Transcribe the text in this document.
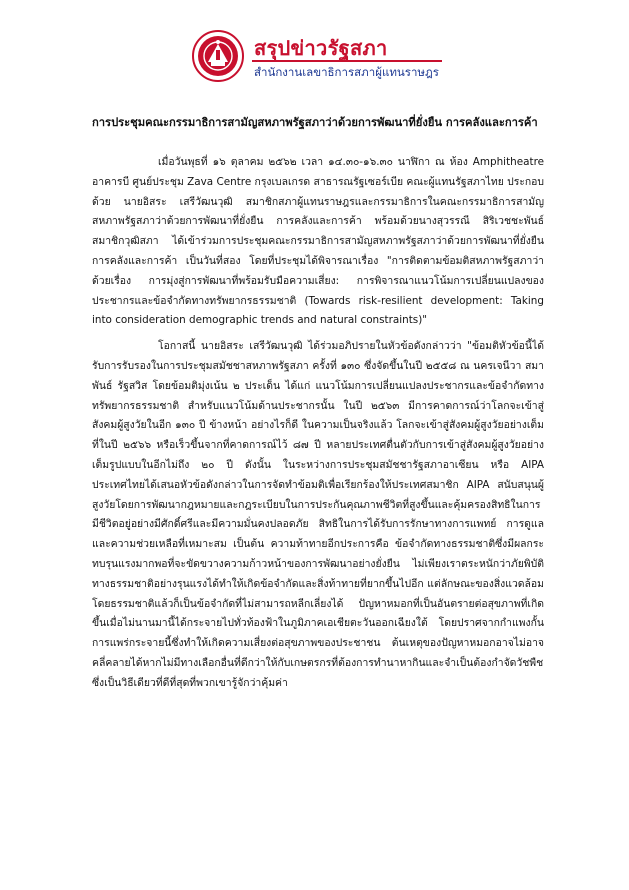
สรุปข่าวรัฐสภา
สำนักงานเลขาธิการสภาผู้แทนราษฎร
การประชุมคณะกรรมาธิการสามัญสหภาพรัฐสภาว่าด้วยการพัฒนาที่ยั่งยืน การคลังและการค้า

เมื่อวันพุธที่ ๑๖ ตุลาคม ๒๕๖๒ เวลา ๑๔.๓๐-๑๖.๓๐ นาฬิกา ณ ห้อง Amphitheatre อาคารบี ศูนย์ประชุม Zava Centre กรุงเบลเกรด สาธารณรัฐเซอร์เบีย คณะผู้แทนรัฐสภาไทย ประกอบด้วย นายอิสระ เสรีวัฒนวุฒิ สมาชิกสภาผู้แทนราษฎรและกรรมาธิการในคณะกรรมาธิการสามัญสหภาพรัฐสภาว่าด้วยการพัฒนาที่ยั่งยืน การคลังและการค้า พร้อมด้วยนางสุวรรณี สิริเวชชะพันธ์ สมาชิกวุฒิสภา ได้เข้าร่วมการประชุมคณะกรรมาธิการสามัญสหภาพรัฐสภาว่าด้วยการพัฒนาที่ยั่งยืน การคลังและการค้า เป็นวันที่สอง โดยที่ประชุมได้พิจารณาเรื่อง "การติดตามข้อมติสหภาพรัฐสภาว่าด้วยเรื่อง การมุ่งสู่การพัฒนาที่พร้อมรับมือความเสี่ยง: การพิจารณาแนวโน้มการเปลี่ยนแปลงของประชากรและข้อจำกัดทางทรัพยากรธรรมชาติ (Towards risk-resilient development: Taking into consideration demographic trends and natural constraints)"

โอกาสนี้ นายอิสระ เสรีวัฒนวุฒิ ได้ร่วมอภิปรายในหัวข้อดังกล่าวว่า "ข้อมติหัวข้อนี้ได้รับการรับรองในการประชุมสมัชชาสหภาพรัฐสภา ครั้งที่ ๑๓๐ ซึ่งจัดขึ้นในปี ๒๕๕๘ ณ นครเจนีวา สมาพันธ์ รัฐสวิส โดยข้อมติมุ่งเน้น ๒ ประเด็น ได้แก่ แนวโน้มการเปลี่ยนแปลงประชากรและข้อจำกัดทางทรัพยากรธรรมชาติ สำหรับแนวโน้มด้านประชากรนั้น ในปี ๒๕๖๓ มีการคาดการณ์ว่าโลกจะเข้าสู่สังคมผู้สูงวัยในอีก ๑๓๐ ปี ข้างหน้า อย่างไรก็ดี ในความเป็นจริงแล้ว โลกจะเข้าสู่สังคมผู้สูงวัยอย่างเต็มที่ในปี ๒๕๖๖ หรือเร็วขึ้นจากที่คาดการณ์ไว้ ๘๗ ปี หลายประเทศตื่นตัวกับการเข้าสู่สังคมผู้สูงวัยอย่างเต็มรูปแบบในอีกไม่ถึง ๒๐ ปี ดังนั้น ในระหว่างการประชุมสมัชชารัฐสภาอาเซียน หรือ AIPA ประเทศไทยได้เสนอหัวข้อดังกล่าวในการจัดทำข้อมติเพื่อเรียกร้องให้ประเทศสมาชิก AIPA สนับสนุนผู้สูงวัยโดยการพัฒนากฎหมายและกฎระเบียบในการประกันคุณภาพชีวิตที่สูงขึ้นและคุ้มครองสิทธิในการมีชีวิตอยู่อย่างมีศักดิ์ศรีและมีความมั่นคงปลอดภัย สิทธิในการได้รับการรักษาทางการแพทย์ การดูแลและความช่วยเหลือที่เหมาะสม เป็นต้น ความท้าทายอีกประการคือ ข้อจำกัดทางธรรมชาติซึ่งมีผลกระทบรุนแรงมากพอที่จะขัดขวางความก้าวหน้าของการพัฒนาอย่างยั่งยืน ไม่เพียงเราตระหนักว่าภัยพิบัติทางธรรมชาติอย่างรุนแรงได้ทำให้เกิดข้อจำกัดและสิ่งท้าทายที่ยากขึ้นไปอีก แต่ลักษณะของสิ่งแวดล้อมโดยธรรมชาติแล้วก็เป็นข้อจำกัดที่ไม่สามารถหลีกเลี่ยงได้ ปัญหาหมอกที่เป็นอันตรายต่อสุขภาพที่เกิดขึ้นเมื่อไม่นานมานี้ได้กระจายไปทั่วท้องฟ้าในภูมิภาคเอเชียตะวันออกเฉียงใต้ โดยปราศจากกำแพงกั้นการแพร่กระจายนี้ซึ่งทำให้เกิดความเสี่ยงต่อสุขภาพของประชาชน ต้นเหตุของปัญหาหมอกอาจไม่อาจคลี่คลายได้หากไม่มีทางเลือกอื่นที่ดีกว่าให้กับเกษตรกรที่ต้องการทำนาหากินและจำเป็นต้องกำจัดวัชพืช ซึ่งเป็นวิธีเดียวที่ดีที่สุดที่พวกเขารู้จักว่าคุ้มค่า
